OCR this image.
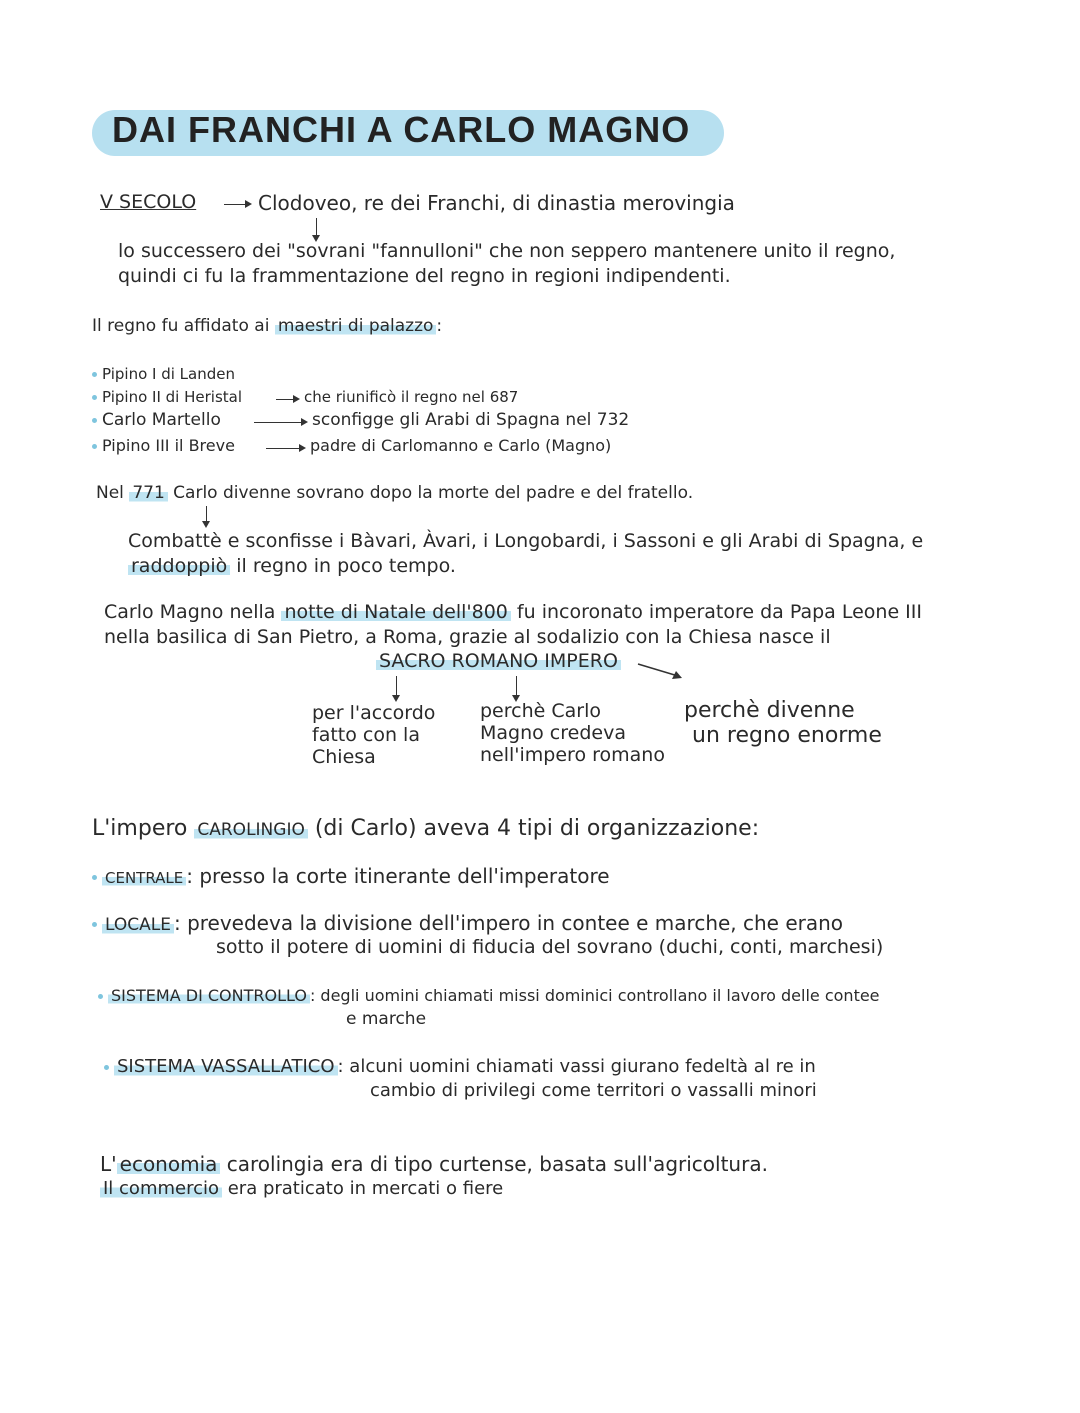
DAI FRANCHI A CARLO MAGNO
V SECOLO	Clodoveo, re dei Franchi, di dinastia merovingia
lo successero dei "sovrani "fannulloni" che non seppero mantenere unito il regno,
quindi ci fu la frammentazione del regno in regioni indipendenti.
Il regno fu affidato ai maestri di palazzo :
Pipino I di Landen
Pipino II di Heristal	che riunificò il regno nel 687
Carlo Martello	sconfigge gli Arabi di Spagna nel 732
Pipino III il Breve	padre di Carlomanno e Carlo (Magno)
Nel 771 Carlo divenne sovrano dopo la morte del padre e del fratello.
Combattè e sconfisse i Bàvari, Àvari, i Longobardi, i Sassoni e gli Arabi di Spagna, e
raddoppiò il regno in poco tempo.
Carlo Magno nella notte di Natale dell'800 fu incoronato imperatore da Papa Leone III
nella basilica di San Pietro, a Roma, grazie al sodalizio con la Chiesa nasce il
SACRO ROMANO IMPERO
per l'accordo
fatto con la
Chiesa
perchè Carlo
Magno credeva
nell'impero romano
perchè divenne
un regno enorme
L'impero CAROLINGIO (di Carlo) aveva 4 tipi di organizzazione:
CENTRALE : presso la corte itinerante dell'imperatore
LOCALE : prevedeva la divisione dell'impero in contee e marche, che erano
sotto il potere di uomini di fiducia del sovrano (duchi, conti, marchesi)
SISTEMA DI CONTROLLO : degli uomini chiamati missi dominici controllano il lavoro delle contee
e marche
SISTEMA VASSALLATICO : alcuni uomini chiamati vassi giurano fedeltà al re in
cambio di privilegi come territori o vassalli minori
L' economia carolingia era di tipo curtense, basata sull'agricoltura.
Il commercio era praticato in mercati o fiere
